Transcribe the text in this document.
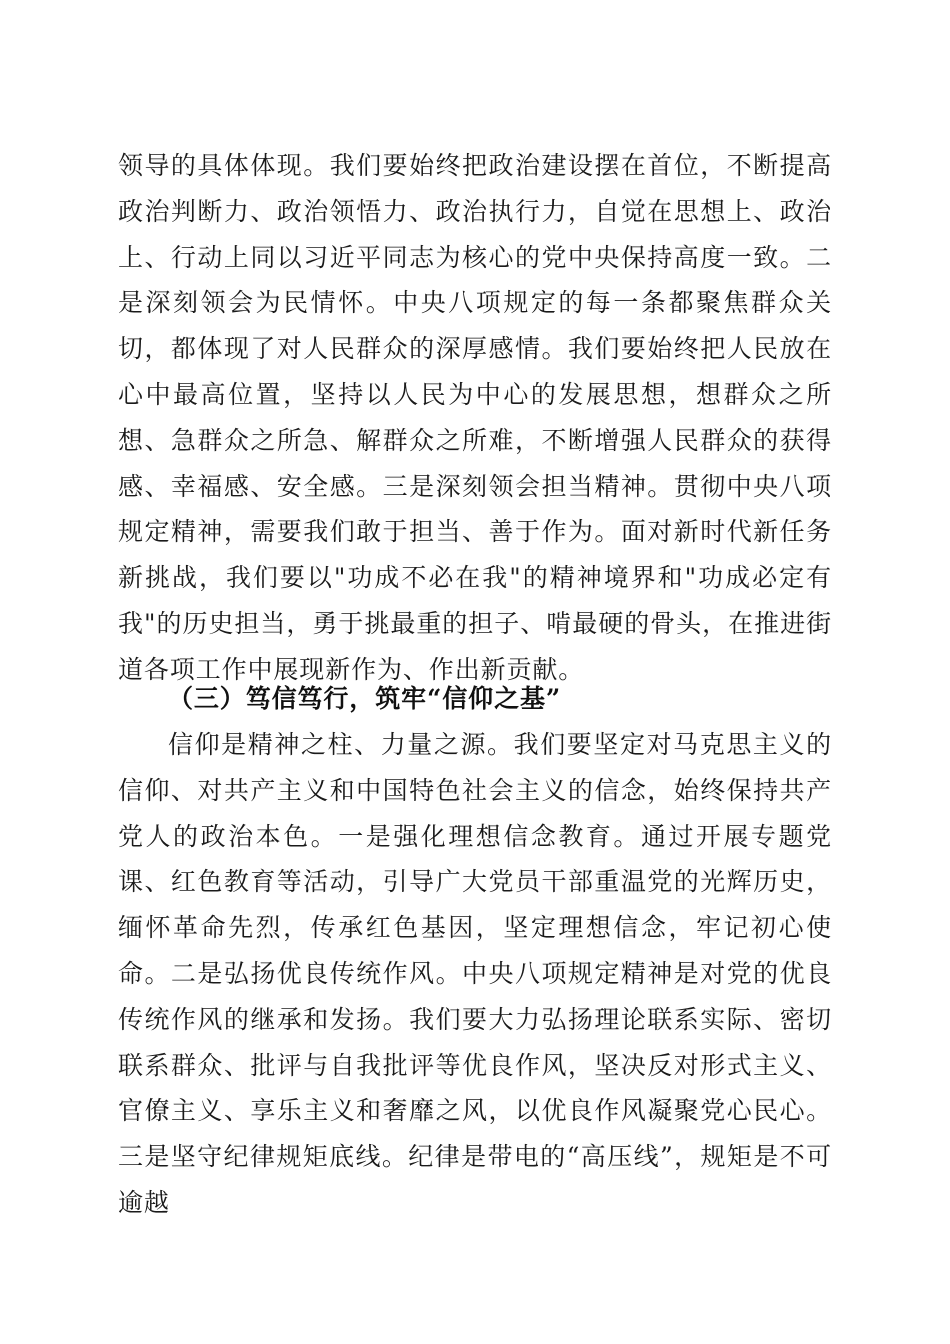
领导的具体体现。我们要始终把政治建设摆在首位，不断提高政治判断力、政治领悟力、政治执行力，自觉在思想上、政治上、行动上同以习近平同志为核心的党中央保持高度一致。二是深刻领会为民情怀。中央八项规定的每一条都聚焦群众关切，都体现了对人民群众的深厚感情。我们要始终把人民放在心中最高位置，坚持以人民为中心的发展思想，想群众之所想、急群众之所急、解群众之所难，不断增强人民群众的获得感、幸福感、安全感。三是深刻领会担当精神。贯彻中央八项规定精神，需要我们敢于担当、善于作为。面对新时代新任务新挑战，我们要以"功成不必在我"的精神境界和"功成必定有我"的历史担当，勇于挑最重的担子、啃最硬的骨头，在推进街道各项工作中展现新作为、作出新贡献。

（三）笃信笃行，筑牢“信仰之基”

信仰是精神之柱、力量之源。我们要坚定对马克思主义的信仰、对共产主义和中国特色社会主义的信念，始终保持共产党人的政治本色。一是强化理想信念教育。通过开展专题党课、红色教育等活动，引导广大党员干部重温党的光辉历史，缅怀革命先烈，传承红色基因，坚定理想信念，牢记初心使命。二是弘扬优良传统作风。中央八项规定精神是对党的优良传统作风的继承和发扬。我们要大力弘扬理论联系实际、密切联系群众、批评与自我批评等优良作风，坚决反对形式主义、官僚主义、享乐主义和奢靡之风，以优良作风凝聚党心民心。三是坚守纪律规矩底线。纪律是带电的“高压线”，规矩是不可逾越
